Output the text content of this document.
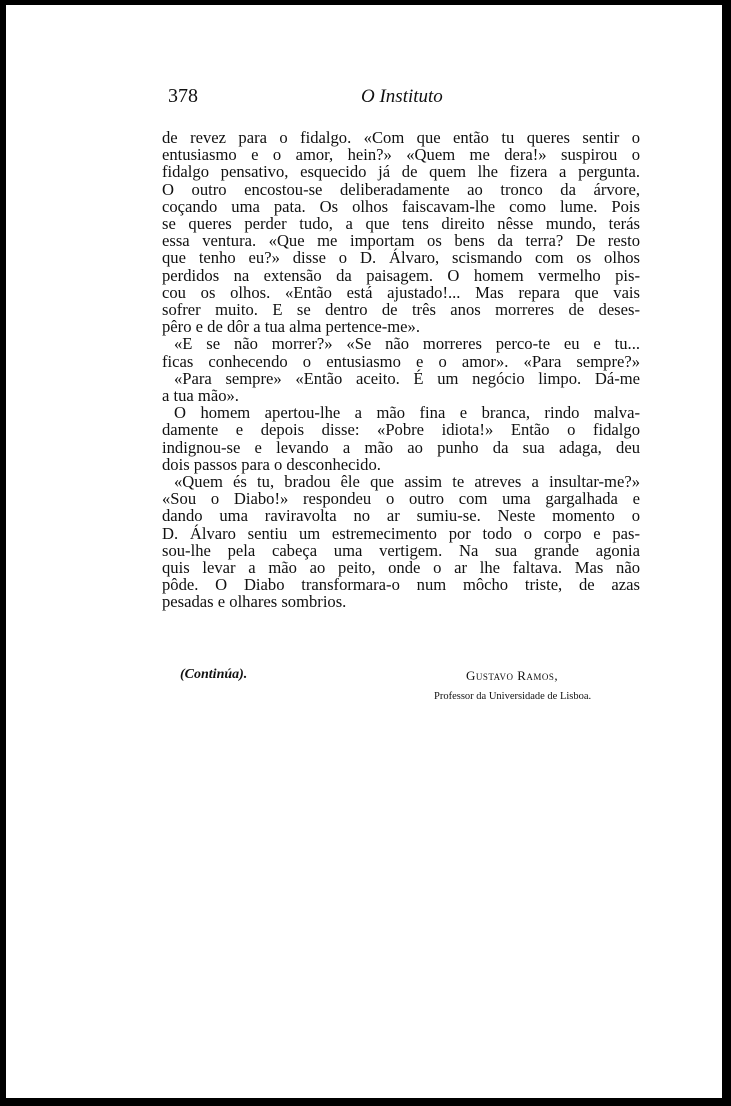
378	O Instituto
de revez para o fidalgo. «Com que então tu queres sentir o
entusiasmo e o amor, hein?» «Quem me dera!» suspirou o
fidalgo pensativo, esquecido já de quem lhe fizera a pergunta.
O outro encostou-se deliberadamente ao tronco da árvore,
coçando uma pata. Os olhos faiscavam-lhe como lume. Pois
se queres perder tudo, a que tens direito nêsse mundo, terás
essa ventura. «Que me importam os bens da terra? De resto
que tenho eu?» disse o D. Álvaro, scismando com os olhos
perdidos na extensão da paisagem. O homem vermelho pis-
cou os olhos. «Então está ajustado!... Mas repara que vais
sofrer muito. E se dentro de três anos morreres de deses-
pêro e de dôr a tua alma pertence-me».
«E se não morrer?» «Se não morreres perco-te eu e tu...
ficas conhecendo o entusiasmo e o amor». «Para sempre?»
«Para sempre» «Então aceito. É um negócio limpo. Dá-me
a tua mão».
O homem apertou-lhe a mão fina e branca, rindo malva-
damente e depois disse: «Pobre idiota!» Então o fidalgo
indignou-se e levando a mão ao punho da sua adaga, deu
dois passos para o desconhecido.
«Quem és tu, bradou êle que assim te atreves a insultar-me?»
«Sou o Diabo!» respondeu o outro com uma gargalhada e
dando uma raviravolta no ar sumiu-se. Neste momento o
D. Álvaro sentiu um estremecimento por todo o corpo e pas-
sou-lhe pela cabeça uma vertigem. Na sua grande agonia
quis levar a mão ao peito, onde o ar lhe faltava. Mas não
pôde. O Diabo transformara-o num môcho triste, de azas
pesadas e olhares sombrios.
(Continúa).	Gustavo Ramos,
Professor da Universidade de Lisboa.
